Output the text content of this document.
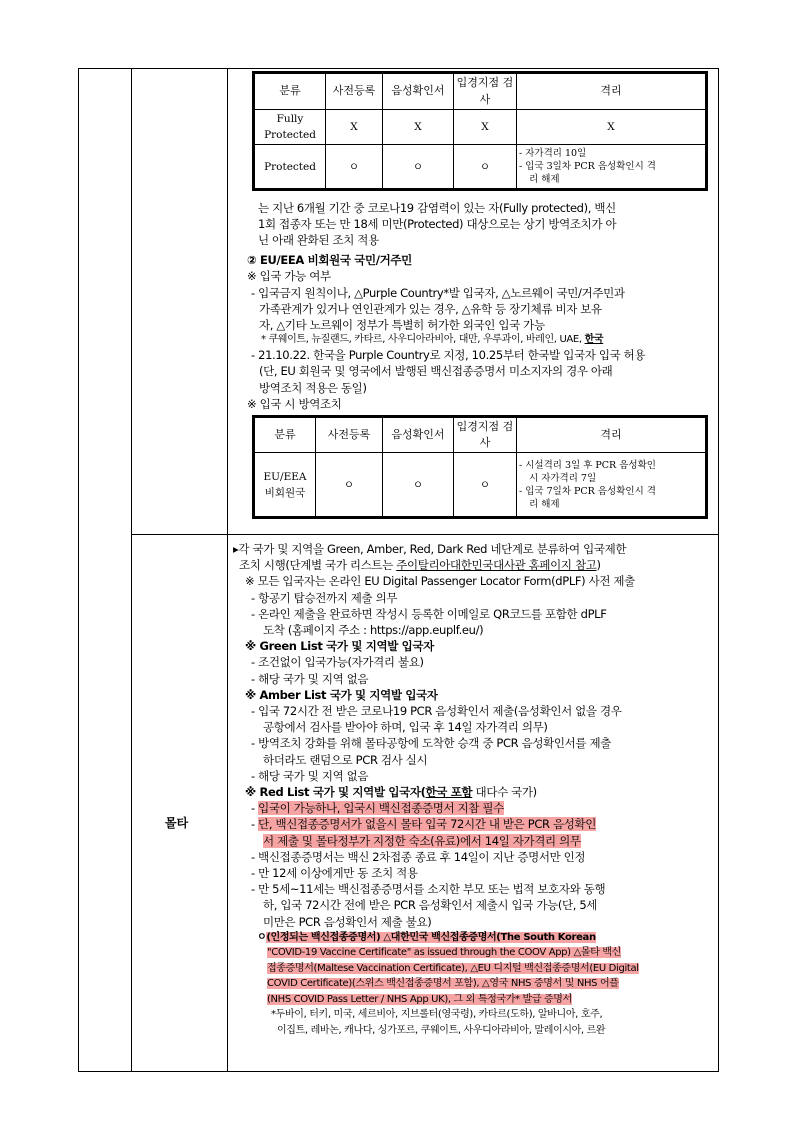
분류	사전등록	음성확인서	입경지점 검사	격리
Fully Protected	X	X	X	X
Protected	ㅇ	ㅇ	ㅇ	- 자가격리 10일
- 입국 3일차 PCR 음성확인시 격
리 해제
는 지난 6개월 기간 중 코로나19 감염력이 있는 자(Fully protected), 백신
1회 접종자 또는 만 18세 미만(Protected) 대상으로는 상기 방역조치가 아
닌 아래 완화된 조치 적용
② EU/EEA 비회원국 국민/거주민
※ 입국 가능 여부
- 입국금지 원칙이나, △Purple Country*발 입국자, △노르웨이 국민/거주민과
가족관계가 있거나 연인관계가 있는 경우, △유학 등 장기체류 비자 보유
자, △기타 노르웨이 정부가 특별히 허가한 외국인 입국 가능
* 쿠웨이트, 뉴질랜드, 카타르, 사우디아라비아, 대만, 우루과이, 바레인, UAE, 한국
- 21.10.22. 한국을 Purple Country로 지정, 10.25부터 한국발 입국자 입국 허용
(단, EU 회원국 및 영국에서 발행된 백신접종증명서 미소지자의 경우 아래
방역조치 적용은 동일)
※ 입국 시 방역조치
분류	사전등록	음성확인서	입경지점 검사	격리
EU/EEA 비회원국	ㅇ	ㅇ	ㅇ	- 시설격리 3일 후 PCR 음성확인
시 자가격리 7일
- 입국 7일차 PCR 음성확인시 격
리 해제
몰타
▸각 국가 및 지역을 Green, Amber, Red, Dark Red 네단계로 분류하여 입국제한
조치 시행(단계별 국가 리스트는 주이탈리아대한민국대사관 홈페이지 참고)
※ 모든 입국자는 온라인 EU Digital Passenger Locator Form(dPLF) 사전 제출
- 항공기 탑승전까지 제출 의무
- 온라인 제출을 완료하면 작성시 등록한 이메일로 QR코드를 포함한 dPLF
도착 (홈페이지 주소 : https://app.euplf.eu/)
※ Green List 국가 및 지역발 입국자
- 조건없이 입국가능(자가격리 불요)
- 해당 국가 및 지역 없음
※ Amber List 국가 및 지역발 입국자
- 입국 72시간 전 받은 코로나19 PCR 음성확인서 제출(음성확인서 없을 경우
공항에서 검사를 받아야 하며, 입국 후 14일 자가격리 의무)
- 방역조치 강화를 위해 몰타공항에 도착한 승객 중 PCR 음성확인서를 제출
하더라도 랜덤으로 PCR 검사 실시
- 해당 국가 및 지역 없음
※ Red List 국가 및 지역발 입국자(한국 포함 대다수 국가)
- 입국이 가능하나, 입국시 백신접종증명서 지참 필수
- 단, 백신접종증명서가 없을시 몰타 입국 72시간 내 받은 PCR 음성확인
서 제출 및 몰타정부가 지정한 숙소(유료)에서 14일 자가격리 의무
- 백신접종증명서는 백신 2차접종 종료 후 14일이 지난 증명서만 인정
- 만 12세 이상에게만 동 조치 적용
- 만 5세~11세는 백신접종증명서를 소지한 부모 또는 법적 보호자와 동행
하, 입국 72시간 전에 받은 PCR 음성확인서 제출시 입국 가능(단, 5세
미만은 PCR 음성확인서 제출 불요)
ㅇ(인정되는 백신접종증명서) △대한민국 백신접종증명서(The South Korean
"COVID-19 Vaccine Certificate" as issued through the COOV App) △몰타 백신
접종증명서(Maltese Vaccination Certificate), △EU 디지털 백신접종증명서(EU Digital
COVID Certificate)(스위스 백신접종증명서 포함), △영국 NHS 증명서 및 NHS 어플
(NHS COVID Pass Letter / NHS App UK), 그 외 특정국가* 발급 증명서
*두바이, 터키, 미국, 세르비아, 지브롤터(영국령), 카타르(도하), 알바니아, 호주,
이집트, 레바논, 캐나다, 싱가포르, 쿠웨이트, 사우디아라비아, 말레이시아, 르완
